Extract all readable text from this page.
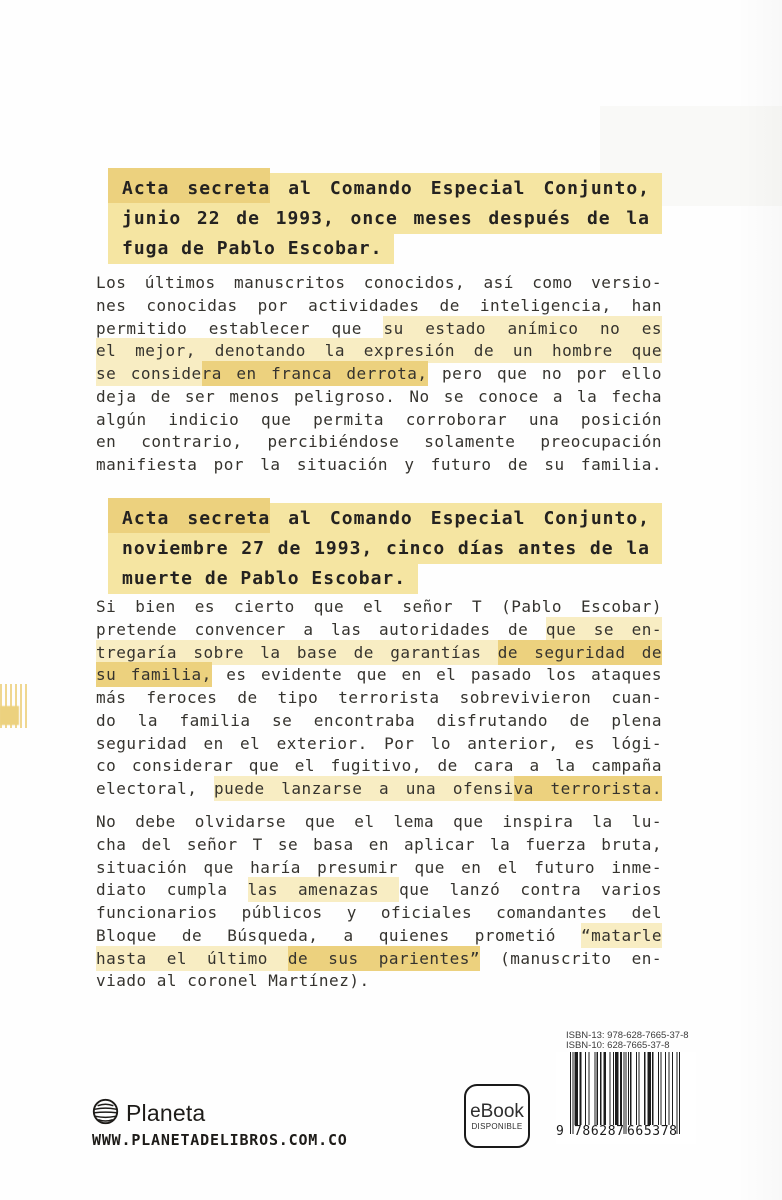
Acta secreta al Comando Especial Conjunto,
junio 22 de 1993, once meses después de la
fuga de Pablo Escobar.
Los últimos manuscritos conocidos, así como versio-
nes conocidas por actividades de inteligencia, han
permitido establecer que su estado anímico no es
el mejor, denotando la expresión de un hombre que
se considera en franca derrota, pero que no por ello
deja de ser menos peligroso. No se conoce a la fecha
algún indicio que permita corroborar una posición
en contrario, percibiéndose solamente preocupación
manifiesta por la situación y futuro de su familia.
Acta secreta al Comando Especial Conjunto,
noviembre 27 de 1993, cinco días antes de la
muerte de Pablo Escobar.
Si bien es cierto que el señor T (Pablo Escobar)
pretende convencer a las autoridades de que se en-
tregaría sobre la base de garantías de seguridad de
su familia, es evidente que en el pasado los ataques
más feroces de tipo terrorista sobrevivieron cuan-
do la familia se encontraba disfrutando de plena
seguridad en el exterior. Por lo anterior, es lógi-
co considerar que el fugitivo, de cara a la campaña
electoral, puede lanzarse a una ofensiva terrorista.
No debe olvidarse que el lema que inspira la lu-
cha del señor T se basa en aplicar la fuerza bruta,
situación que haría presumir que en el futuro inme-
diato cumpla las amenazas que lanzó contra varios
funcionarios públicos y oficiales comandantes del
Bloque de Búsqueda, a quienes prometió “matarle
hasta el último de sus parientes” (manuscrito en-
viado al coronel Martínez).
ISBN-13: 978-628-7665-37-8
ISBN-10: 628-7665-37-8
9 786287 665378
eBook
DISPONIBLE
Planeta
WWW.PLANETADELIBROS.COM.CO
